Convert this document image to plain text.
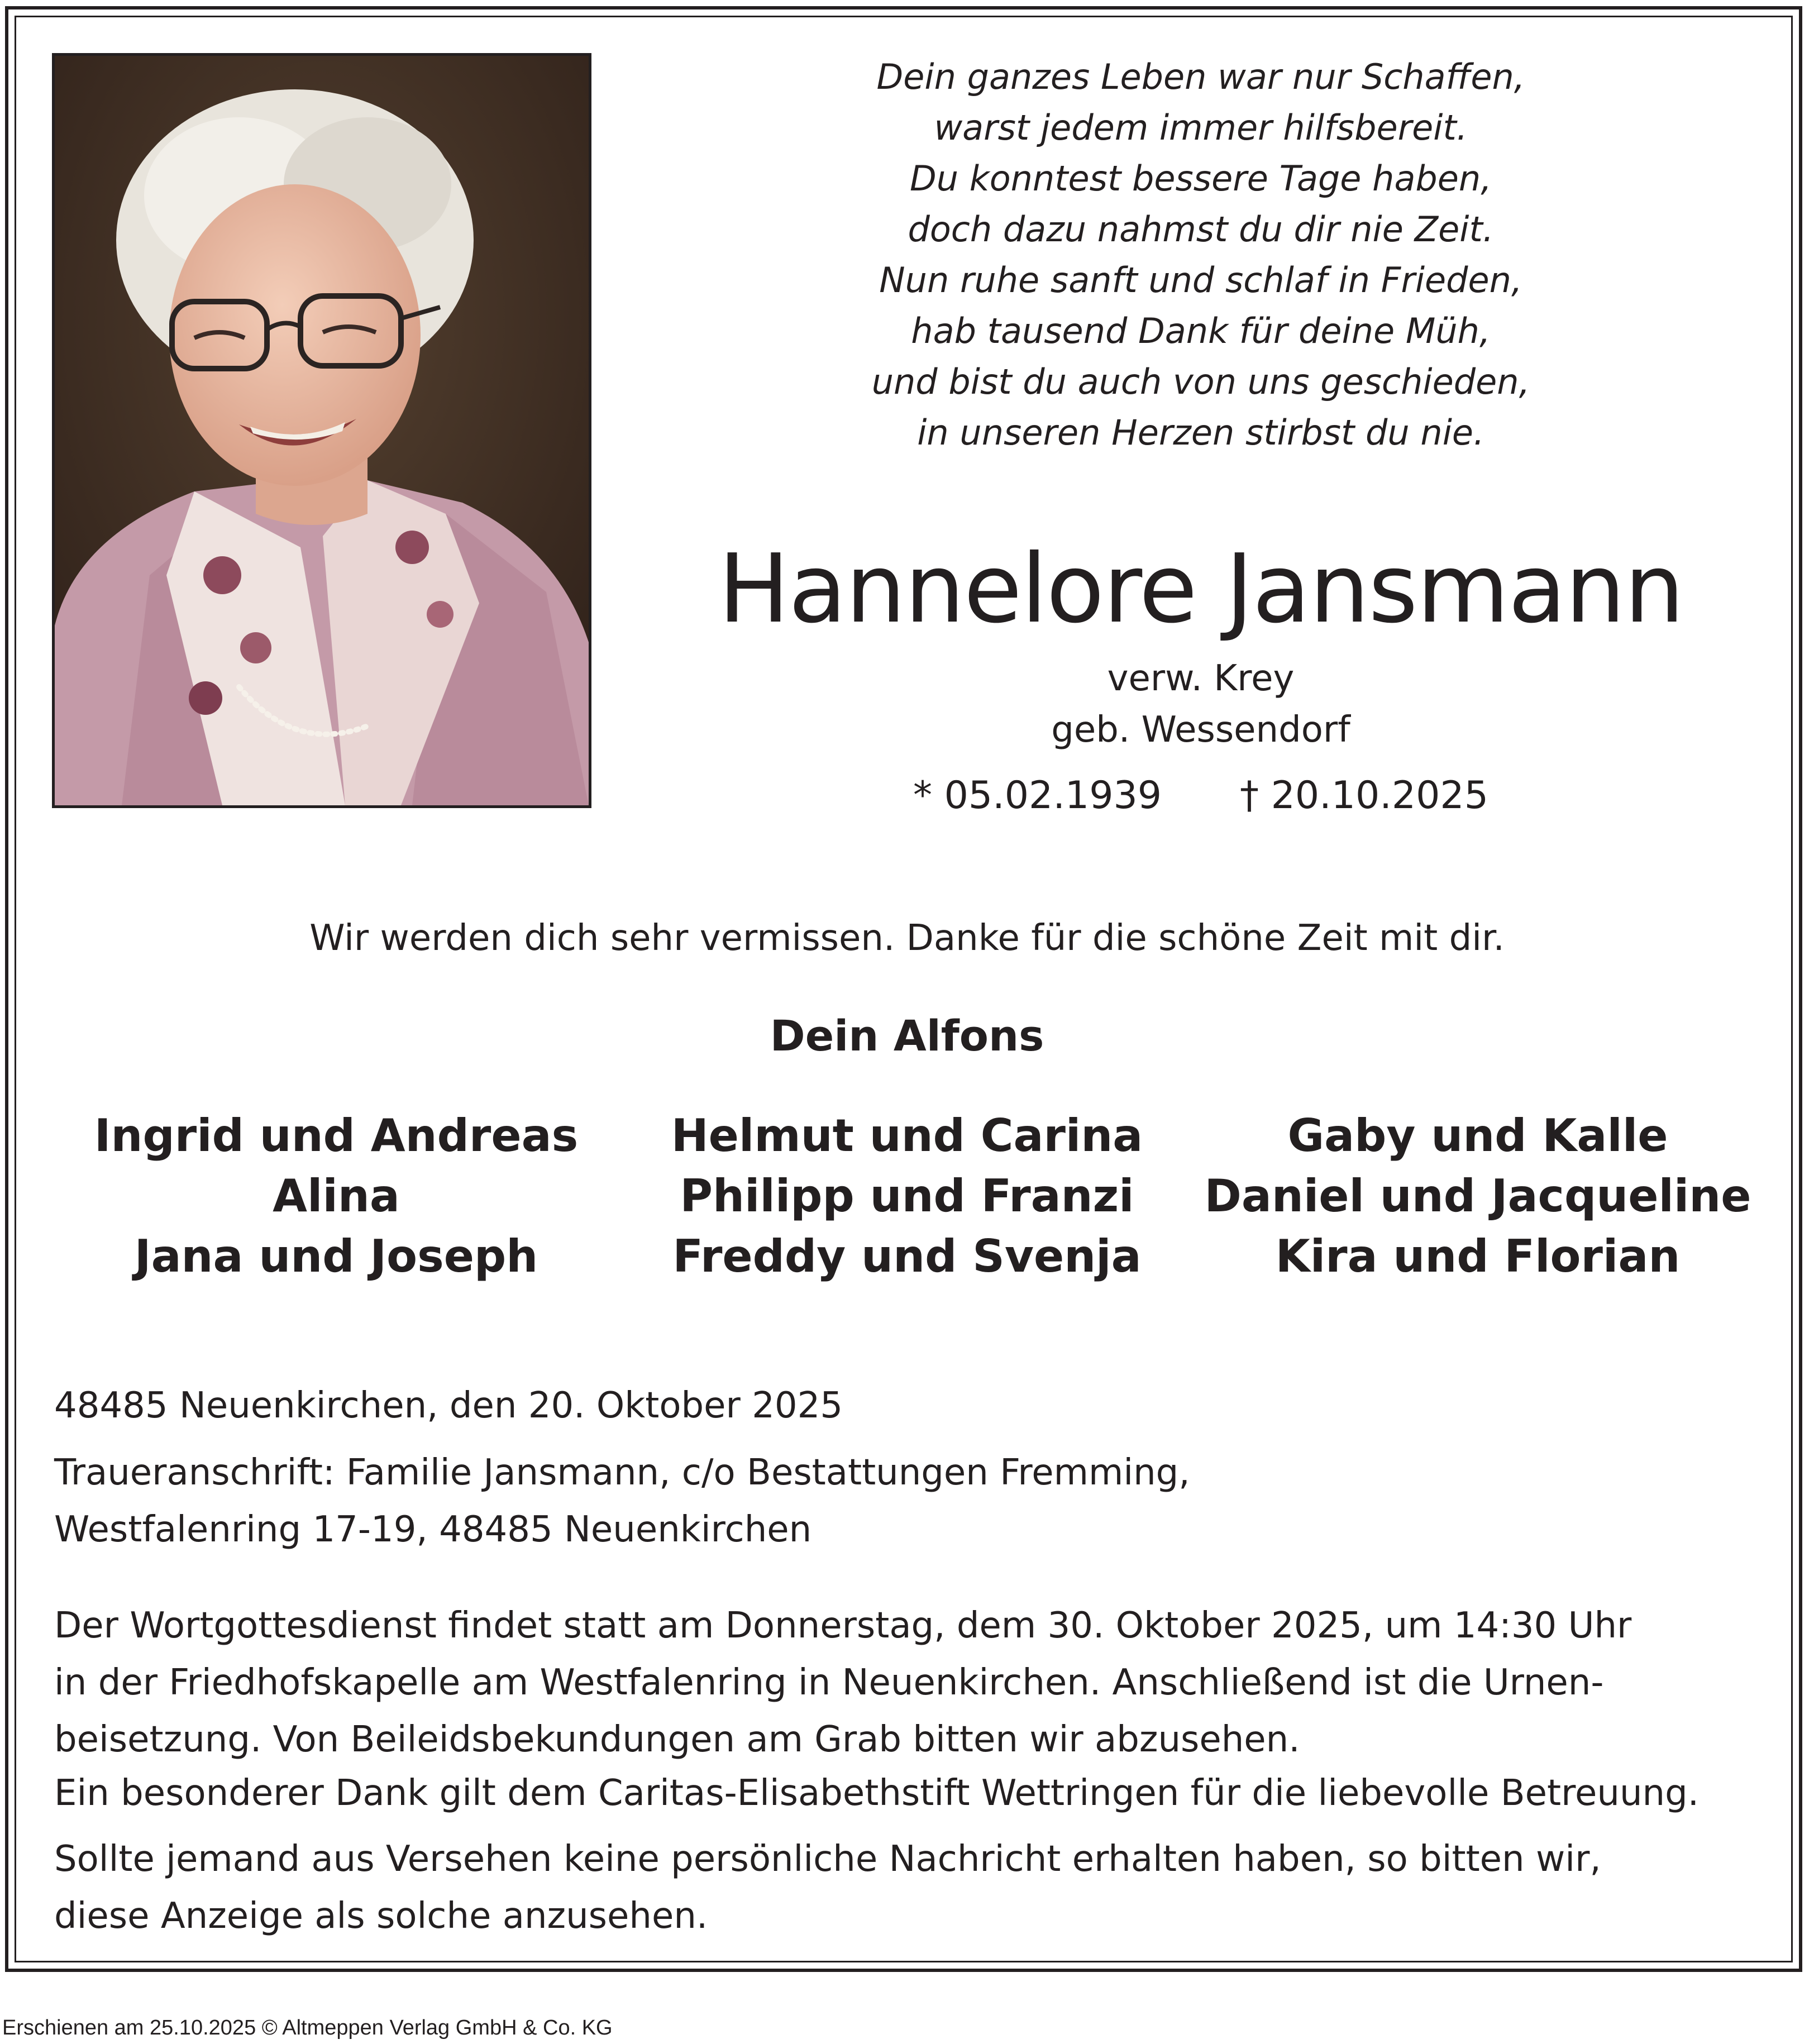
Dein ganzes Leben war nur Schaffen,
warst jedem immer hilfsbereit.
Du konntest bessere Tage haben,
doch dazu nahmst du dir nie Zeit.
Nun ruhe sanft und schlaf in Frieden,
hab tausend Dank für deine Müh,
und bist du auch von uns geschieden,
in unseren Herzen stirbst du nie.
Hannelore Jansmann
verw. Krey
geb. Wessendorf
* 05.02.1939 † 20.10.2025
Wir werden dich sehr vermissen. Danke für die schöne Zeit mit dir.
Dein Alfons
Ingrid und Andreas
Alina
Jana und Joseph
Helmut und Carina
Philipp und Franzi
Freddy und Svenja
Gaby und Kalle
Daniel und Jacqueline
Kira und Florian
48485 Neuenkirchen, den 20. Oktober 2025
Traueranschrift: Familie Jansmann, c/o Bestattungen Fremming,
Westfalenring 17-19, 48485 Neuenkirchen
Der Wortgottesdienst findet statt am Donnerstag, dem 30. Oktober 2025, um 14:30 Uhr
in der Friedhofskapelle am Westfalenring in Neuenkirchen. Anschließend ist die Urnen-
beisetzung. Von Beileidsbekundungen am Grab bitten wir abzusehen.
Ein besonderer Dank gilt dem Caritas-Elisabethstift Wettringen für die liebevolle Betreuung.
Sollte jemand aus Versehen keine persönliche Nachricht erhalten haben, so bitten wir,
diese Anzeige als solche anzusehen.
Erschienen am 25.10.2025 © Altmeppen Verlag GmbH & Co. KG
